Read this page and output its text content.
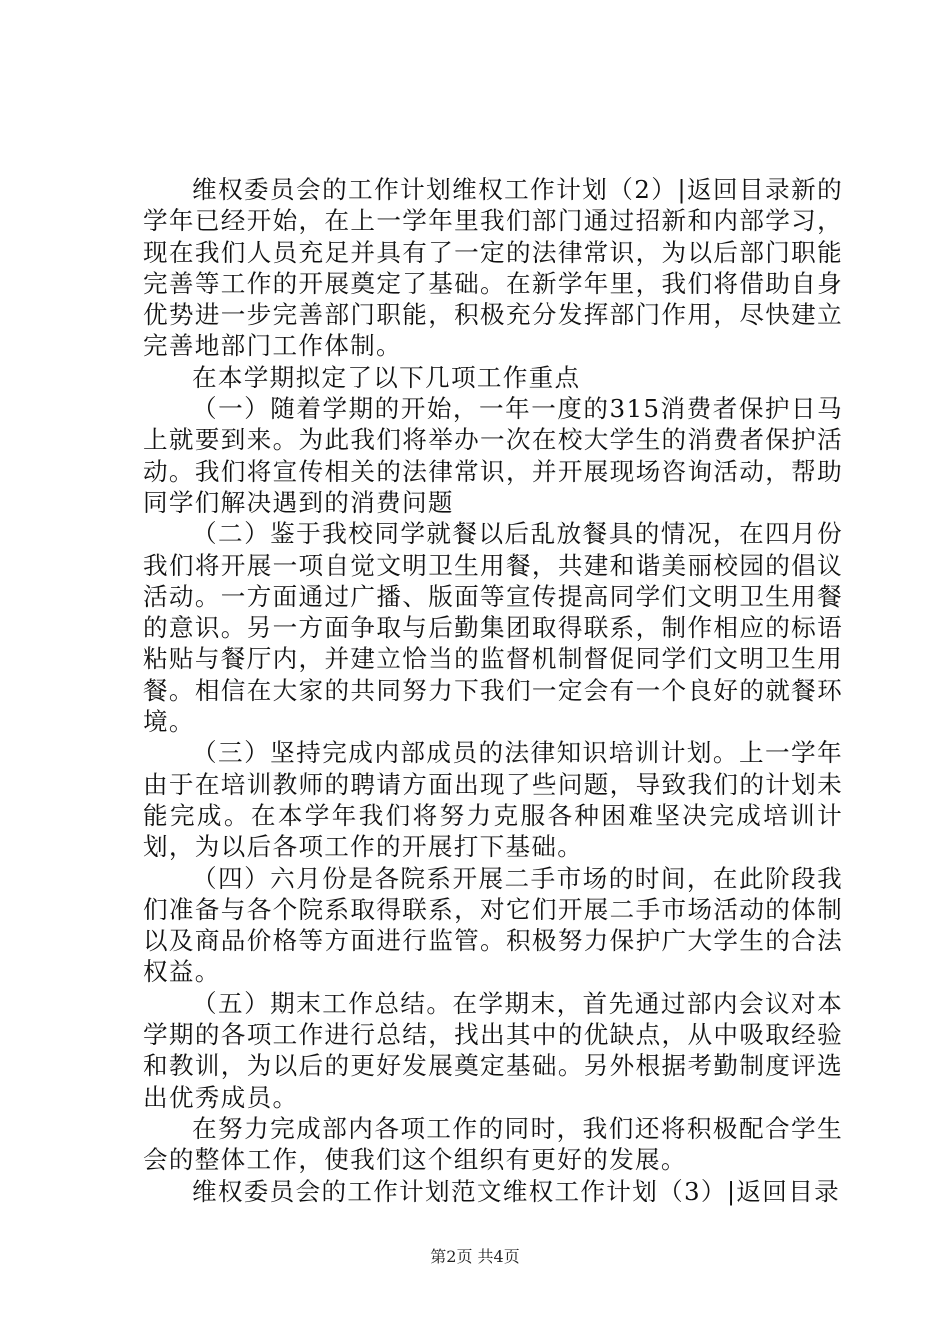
维权委员会的工作计划维权工作计划（2）|返回目录新的学年已经开始，在上一学年里我们部门通过招新和内部学习，现在我们人员充足并具有了一定的法律常识，为以后部门职能完善等工作的开展奠定了基础。在新学年里，我们将借助自身优势进一步完善部门职能，积极充分发挥部门作用，尽快建立完善地部门工作体制。

在本学期拟定了以下几项工作重点

（一）随着学期的开始，一年一度的315消费者保护日马上就要到来。为此我们将举办一次在校大学生的消费者保护活动。我们将宣传相关的法律常识，并开展现场咨询活动，帮助同学们解决遇到的消费问题

（二）鉴于我校同学就餐以后乱放餐具的情况，在四月份我们将开展一项自觉文明卫生用餐，共建和谐美丽校园的倡议活动。一方面通过广播、版面等宣传提高同学们文明卫生用餐的意识。另一方面争取与后勤集团取得联系，制作相应的标语粘贴与餐厅内，并建立恰当的监督机制督促同学们文明卫生用餐。相信在大家的共同努力下我们一定会有一个良好的就餐环境。

（三）坚持完成内部成员的法律知识培训计划。上一学年由于在培训教师的聘请方面出现了些问题，导致我们的计划未能完成。在本学年我们将努力克服各种困难坚决完成培训计划，为以后各项工作的开展打下基础。

（四）六月份是各院系开展二手市场的时间，在此阶段我们准备与各个院系取得联系，对它们开展二手市场活动的体制以及商品价格等方面进行监管。积极努力保护广大学生的合法权益。

（五）期末工作总结。在学期末，首先通过部内会议对本学期的各项工作进行总结，找出其中的优缺点，从中吸取经验和教训，为以后的更好发展奠定基础。另外根据考勤制度评选出优秀成员。

在努力完成部内各项工作的同时，我们还将积极配合学生会的整体工作，使我们这个组织有更好的发展。

维权委员会的工作计划范文维权工作计划（3）|返回目录

第2页 共4页
